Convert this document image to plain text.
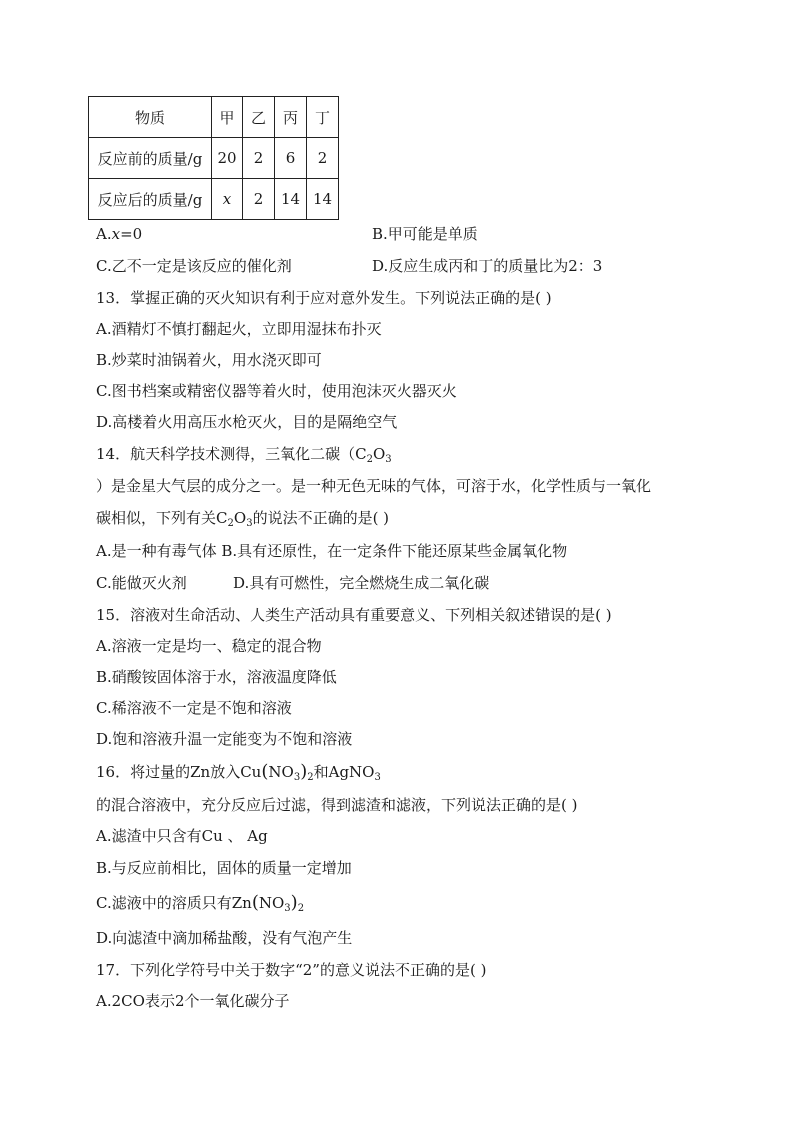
物质	甲	乙	丙	丁
反应前的质量/g	20	2	6	2
反应后的质量/g	x	2	14	14
A.x=0	B.甲可能是单质
C.乙不一定是该反应的催化剂	D.反应生成丙和丁的质量比为2：3
13．掌握正确的灭火知识有利于应对意外发生。下列说法正确的是( )
A.酒精灯不慎打翻起火，立即用湿抹布扑灭
B.炒菜时油锅着火，用水浇灭即可
C.图书档案或精密仪器等着火时，使用泡沫灭火器灭火
D.高楼着火用高压水枪灭火，目的是隔绝空气
14．航天科学技术测得，三氧化二碳（$C_2O_3$
）是金星大气层的成分之一。是一种无色无味的气体，可溶于水，化学性质与一氧化
碳相似，下列有关$C_2O_3$的说法不正确的是( )
A.是一种有毒气体 B.具有还原性，在一定条件下能还原某些金属氧化物
C.能做灭火剂	D.具有可燃性，完全燃烧生成二氧化碳
15．溶液对生命活动、人类生产活动具有重要意义、下列相关叙述错误的是( )
A.溶液一定是均一、稳定的混合物
B.硝酸铵固体溶于水，溶液温度降低
C.稀溶液不一定是不饱和溶液
D.饱和溶液升温一定能变为不饱和溶液
16．将过量的Zn放入$Cu(NO_3)_2$和AgNO$_3$
的混合溶液中，充分反应后过滤，得到滤渣和滤液，下列说法正确的是( )
A.滤渣中只含有Cu 、 Ag
B.与反应前相比，固体的质量一定增加
C.滤液中的溶质只有$Zn(NO_3)_2$
D.向滤渣中滴加稀盐酸，没有气泡产生
17．下列化学符号中关于数字“2”的意义说法不正确的是( )
A.2CO表示2个一氧化碳分子
